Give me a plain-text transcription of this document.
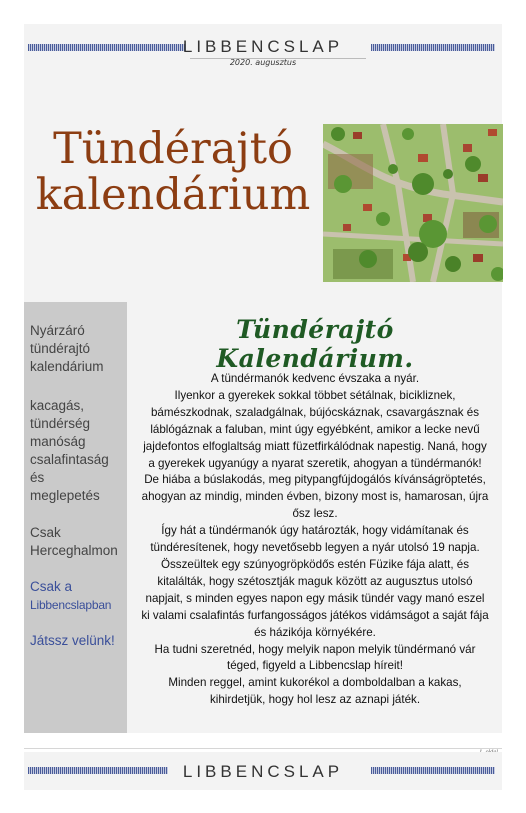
LIBBENCSLAP
2020. augusztus
Tündérajtó
kalendárium
Nyárzáró
tündérajtó
kalendárium
kacagás,
tündérség
manóság
csalafintaság
és
meglepetés
Csak
Herceghalmon
Csak a
Libbencslapban
Játssz velünk!
Tündérajtó Kalendárium.

A tündérmanók kedvenc évszaka a nyár.
Ilyenkor a gyerekek sokkal többet sétálnak, bicikliznek, bámészkodnak, szaladgálnak, bújócskáznak, csavargásznak és láblógáznak a faluban, mint úgy egyébként, amikor a lecke nevű jajdefontos elfoglaltság miatt füzetfirkálódnak napestig. Naná, hogy a gyerekek ugyanúgy a nyarat szeretik, ahogyan a tündérmanók!

De hiába a búslakodás, meg pitypangfújdogálós kívánságröptetés, ahogyan az mindig, minden évben, bizony most is, hamarosan, újra ősz lesz.

Így hát a tündérmanók úgy határozták, hogy vidámítanak és tündéresítenek, hogy nevetősebb legyen a nyár utolsó 19 napja.

Összeültek egy szúnyogröpködős estén Füzike fája alatt, és kitalálták, hogy szétosztják maguk között az augusztus utolsó napjait, s minden egyes napon egy másik tündér vagy manó eszel ki valami csalafintás furfangosságos játékos vidámságot a saját fája és házikója környékére.

Ha tudni szeretnéd, hogy melyik napon melyik tündérmanó vár téged, figyeld a Libbencslap híreit!

Minden reggel, amint kukorékol a domboldalban a kakas, kihirdetjük, hogy hol lesz az aznapi játék.

LIBBENCSLAP
